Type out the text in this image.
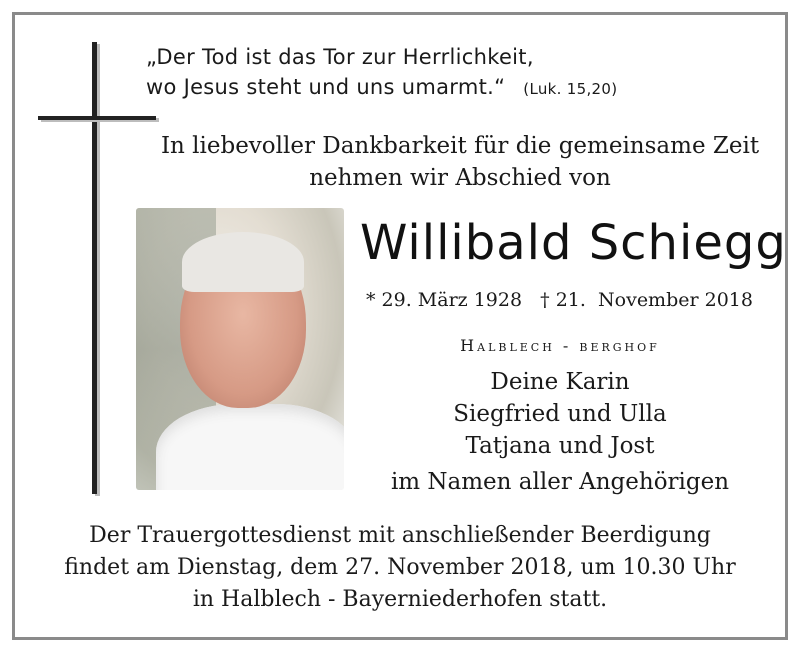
„Der Tod ist das Tor zur Herrlichkeit,
wo Jesus steht und uns umarmt.“ (Luk. 15,20)
In liebevoller Dankbarkeit für die gemeinsame Zeit
nehmen wir Abschied von
Willibald Schiegg
* 29. März 1928   † 21.  November 2018
Halblech - berghof
Deine Karin
Siegfried und Ulla
Tatjana und Jost
im Namen aller Angehörigen
Der Trauergottesdienst mit anschließender Beerdigung
findet am Dienstag, dem 27. November 2018, um 10.30 Uhr
in Halblech - Bayerniederhofen statt.
